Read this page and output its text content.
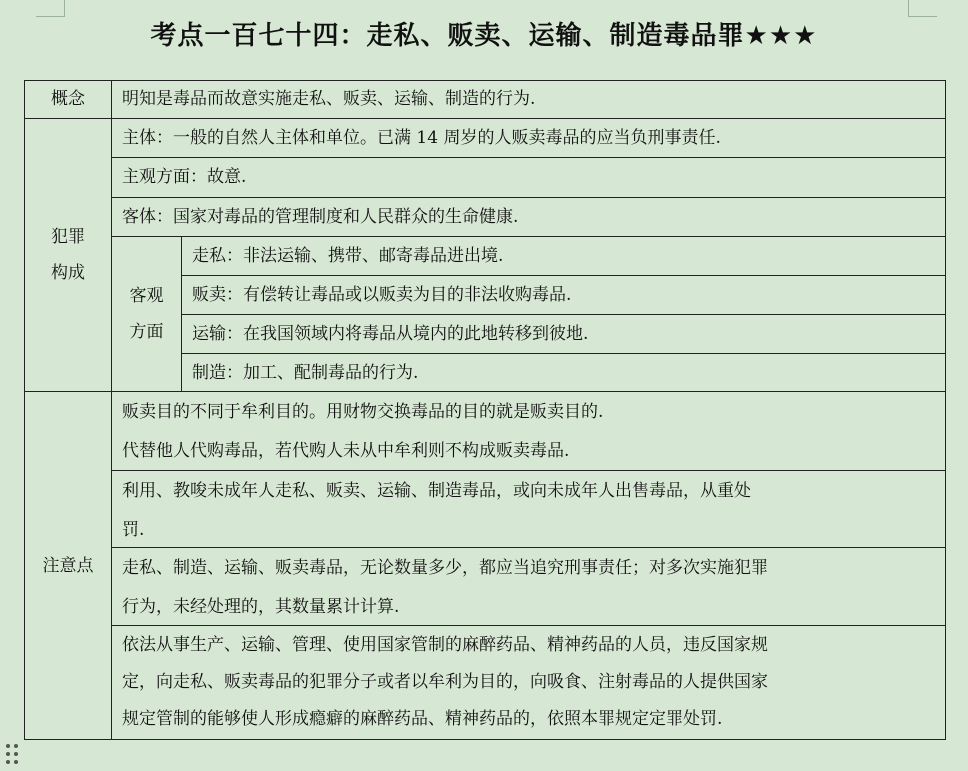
考点一百七十四：走私、贩卖、运输、制造毒品罪★★★
概念	明知是毒品而故意实施走私、贩卖、运输、制造的行为.
犯罪构成
主体：一般的自然人主体和单位。已满 14 周岁的人贩卖毒品的应当负刑事责任.
主观方面：故意.
客体：国家对毒品的管理制度和人民群众的生命健康.
客观方面
走私：非法运输、携带、邮寄毒品进出境.
贩卖：有偿转让毒品或以贩卖为目的非法收购毒品.
运输：在我国领域内将毒品从境内的此地转移到彼地.
制造：加工、配制毒品的行为.
注意点
贩卖目的不同于牟利目的。用财物交换毒品的目的就是贩卖目的.
代替他人代购毒品，若代购人未从中牟利则不构成贩卖毒品.
利用、教唆未成年人走私、贩卖、运输、制造毒品，或向未成年人出售毒品，从重处
罚.
走私、制造、运输、贩卖毒品，无论数量多少，都应当追究刑事责任；对多次实施犯罪
行为，未经处理的，其数量累计计算.
依法从事生产、运输、管理、使用国家管制的麻醉药品、精神药品的人员，违反国家规
定，向走私、贩卖毒品的犯罪分子或者以牟利为目的，向吸食、注射毒品的人提供国家
规定管制的能够使人形成瘾癖的麻醉药品、精神药品的，依照本罪规定定罪处罚.
